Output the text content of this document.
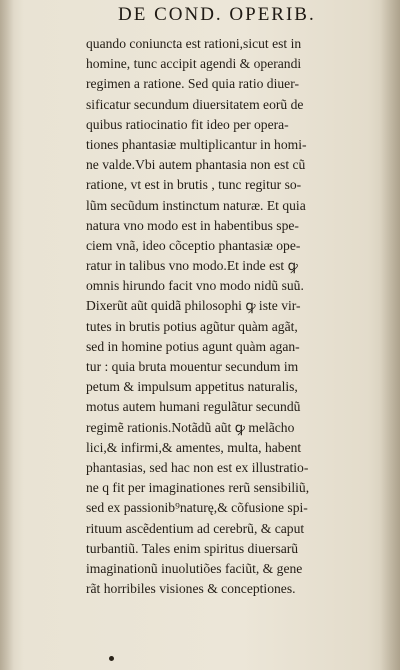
DE COND. OPERIB.
quando coniuncta est rationi,sicut est in
homine, tunc accipit agendi & operandi
regimen a ratione. Sed quia ratio diuer-
sificatur secundum diuersitatem eorũ de
quibus ratiocinatio fit ideo per opera-
tiones phantasiæ multiplicantur in homi-
ne valde.Vbi autem phantasia non est cũ
ratione, vt est in brutis , tunc regitur so-
lũm secũdum instinctum naturæ. Et quia
natura vno modo est in habentibus spe-
ciem vnã, ideo cõceptio phantasiæ ope-
ratur in talibus vno modo.Et inde est ꝙ
omnis hirundo facit vno modo nidũ suũ.
Dixerũt aũt quidã philosophi ꝙ iste vir-
tutes in brutis potius agũtur quàm agãt,
sed in homine potius agunt quàm agan-
tur : quia bruta mouentur secundum im
petum & impulsum appetitus naturalis,
motus autem humani regulãtur secundũ
regimẽ rationis.Notãdũ aũt ꝙ melãcho
lici,& infirmi,& amentes, multa, habent
phantasias, sed hac non est ex illustratio-
ne q fit per imaginationes rerũ sensibiliũ,
sed ex passionib⁹naturę,& cõfusione spi-
rituum ascẽdentium ad cerebrũ, & caput
turbantiũ. Tales enim spiritus diuersarũ
imaginationũ inuolutiões faciũt, & gene
rãt horribiles visiones & conceptiones.
